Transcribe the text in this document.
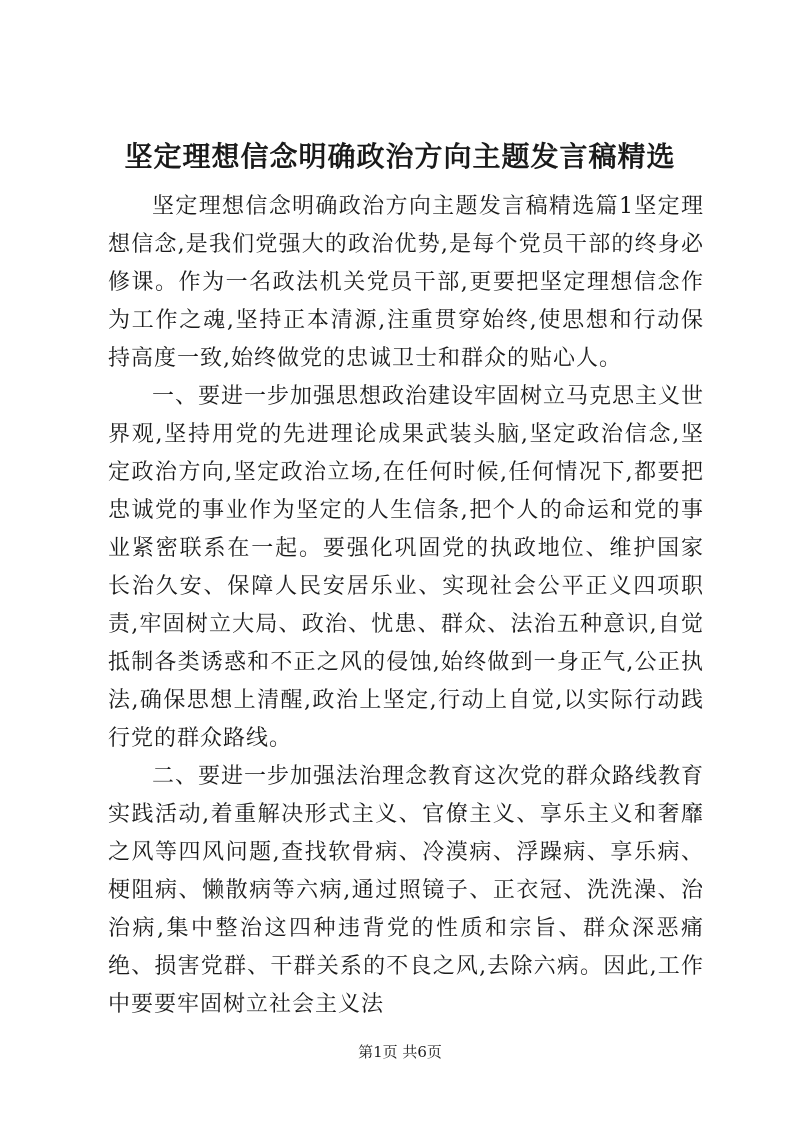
坚定理想信念明确政治方向主题发言稿精选

坚定理想信念明确政治方向主题发言稿精选篇1坚定理想信念,是我们党强大的政治优势,是每个党员干部的终身必修课。作为一名政法机关党员干部,更要把坚定理想信念作为工作之魂,坚持正本清源,注重贯穿始终,使思想和行动保持高度一致,始终做党的忠诚卫士和群众的贴心人。

一、要进一步加强思想政治建设牢固树立马克思主义世界观,坚持用党的先进理论成果武装头脑,坚定政治信念,坚定政治方向,坚定政治立场,在任何时候,任何情况下,都要把忠诚党的事业作为坚定的人生信条,把个人的命运和党的事业紧密联系在一起。要强化巩固党的执政地位、维护国家长治久安、保障人民安居乐业、实现社会公平正义四项职责,牢固树立大局、政治、忧患、群众、法治五种意识,自觉抵制各类诱惑和不正之风的侵蚀,始终做到一身正气,公正执法,确保思想上清醒,政治上坚定,行动上自觉,以实际行动践行党的群众路线。

二、要进一步加强法治理念教育这次党的群众路线教育实践活动,着重解决形式主义、官僚主义、享乐主义和奢靡之风等四风问题,查找软骨病、冷漠病、浮躁病、享乐病、梗阻病、懒散病等六病,通过照镜子、正衣冠、洗洗澡、治治病,集中整治这四种违背党的性质和宗旨、群众深恶痛绝、损害党群、干群关系的不良之风,去除六病。因此,工作中要要牢固树立社会主义法

第1页 共6页
